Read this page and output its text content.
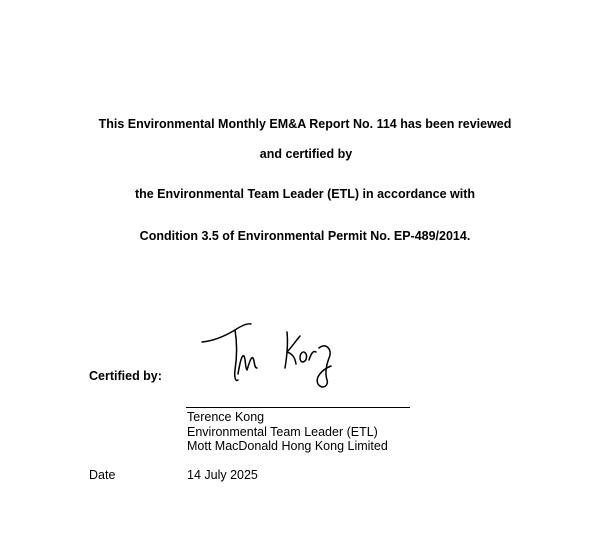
This Environmental Monthly EM&A Report No. 114 has been reviewed
and certified by
the Environmental Team Leader (ETL) in accordance with
Condition 3.5 of Environmental Permit No. EP-489/2014.
Certified by:
Terence Kong
Environmental Team Leader (ETL)
Mott MacDonald Hong Kong Limited
Date	14 July 2025
